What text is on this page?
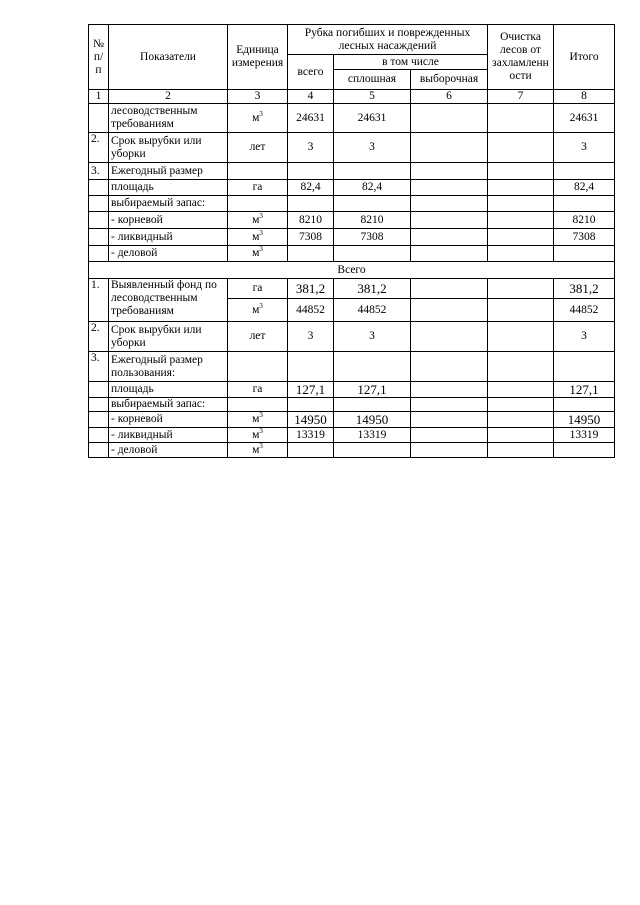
№ п/ п	Показатели	Единица измерения	Рубка погибших и поврежденных лесных насаждений			Очистка лесов от захламленн ости	Итого
			всего	в том числе			
				сплошная	выборочная		
1	2	3	4	5	6	7	8
	лесоводственным требованиям	$м^3$	24631	24631			24631
2.	Срок вырубки или уборки	лет	3	3			3
3.	Ежегодный размер						
	площадь	га	82,4	82,4			82,4
	выбираемый запас:						
	- корневой	$м^3$	8210	8210			8210
	- ликвидный	$м^3$	7308	7308			7308
	- деловой	$м^3$					
Всего							
1.	Выявленный фонд по лесоводственным требованиям	га	381,2	381,2			381,2
		$м^3$	44852	44852			44852
2.	Срок вырубки или уборки	лет	3	3			3
3.	Ежегодный размер пользования:						
	площадь	га	127,1	127,1			127,1
	выбираемый запас:						
	- корневой	$м^3$	14950	14950			14950
	- ликвидный	$м^3$	13319	13319			13319
	- деловой	$м^3$					
